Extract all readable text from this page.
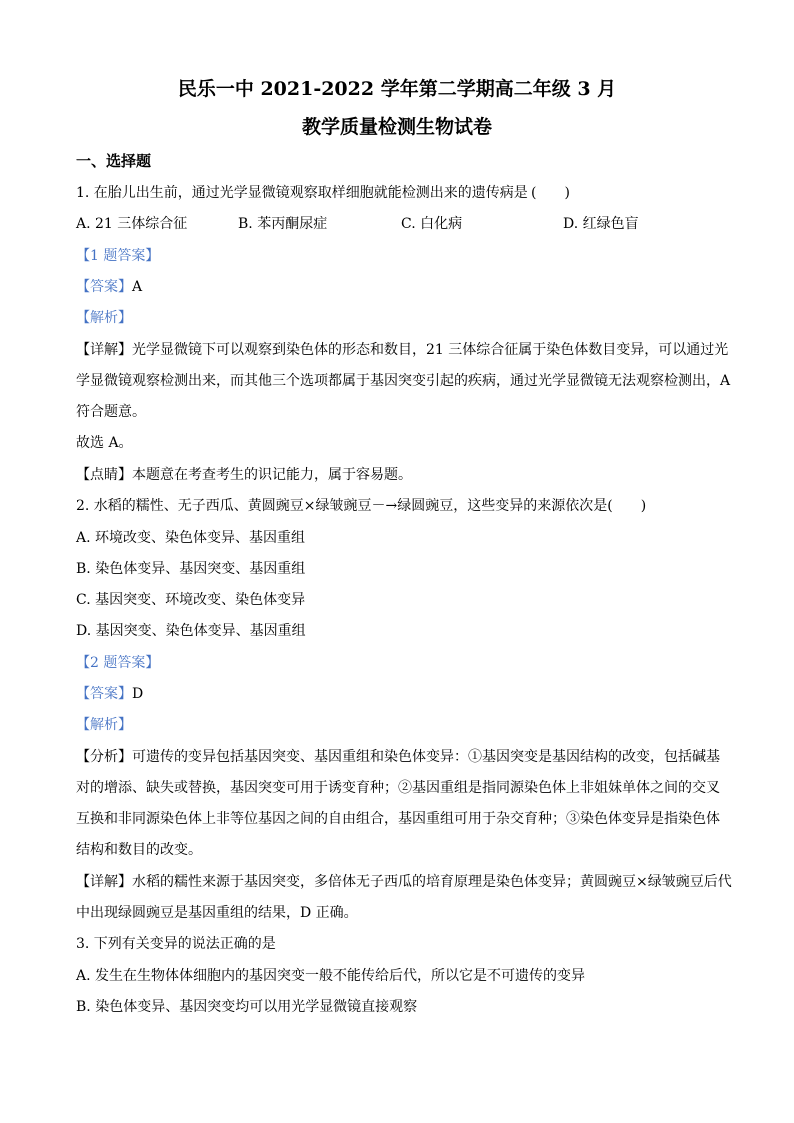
民乐一中 2021-2022 学年第二学期高二年级 3 月
教学质量检测生物试卷
一、选择题
1. 在胎儿出生前，通过光学显微镜观察取样细胞就能检测出来的遗传病是 (　　)
A. 21 三体综合征	B. 苯丙酮尿症	C. 白化病	D. 红绿色盲
【1 题答案】
【答案】A
【解析】
【详解】光学显微镜下可以观察到染色体的形态和数目，21 三体综合征属于染色体数目变异，可以通过光
学显微镜观察检测出来，而其他三个选项都属于基因突变引起的疾病，通过光学显微镜无法观察检测出，A
符合题意。
故选 A。
【点睛】本题意在考查考生的识记能力，属于容易题。
2. 水稻的糯性、无子西瓜、黄圆豌豆×绿皱豌豆－→绿圆豌豆，这些变异的来源依次是(　　)
A. 环境改变、染色体变异、基因重组
B. 染色体变异、基因突变、基因重组
C. 基因突变、环境改变、染色体变异
D. 基因突变、染色体变异、基因重组
【2 题答案】
【答案】D
【解析】
【分析】可遗传的变异包括基因突变、基因重组和染色体变异：①基因突变是基因结构的改变，包括碱基
对的增添、缺失或替换，基因突变可用于诱变育种；②基因重组是指同源染色体上非姐妹单体之间的交叉
互换和非同源染色体上非等位基因之间的自由组合，基因重组可用于杂交育种；③染色体变异是指染色体
结构和数目的改变。
【详解】水稻的糯性来源于基因突变，多倍体无子西瓜的培育原理是染色体变异；黄圆豌豆×绿皱豌豆后代
中出现绿圆豌豆是基因重组的结果，D 正确。
3. 下列有关变异的说法正确的是
A. 发生在生物体体细胞内的基因突变一般不能传给后代，所以它是不可遗传的变异
B. 染色体变异、基因突变均可以用光学显微镜直接观察
